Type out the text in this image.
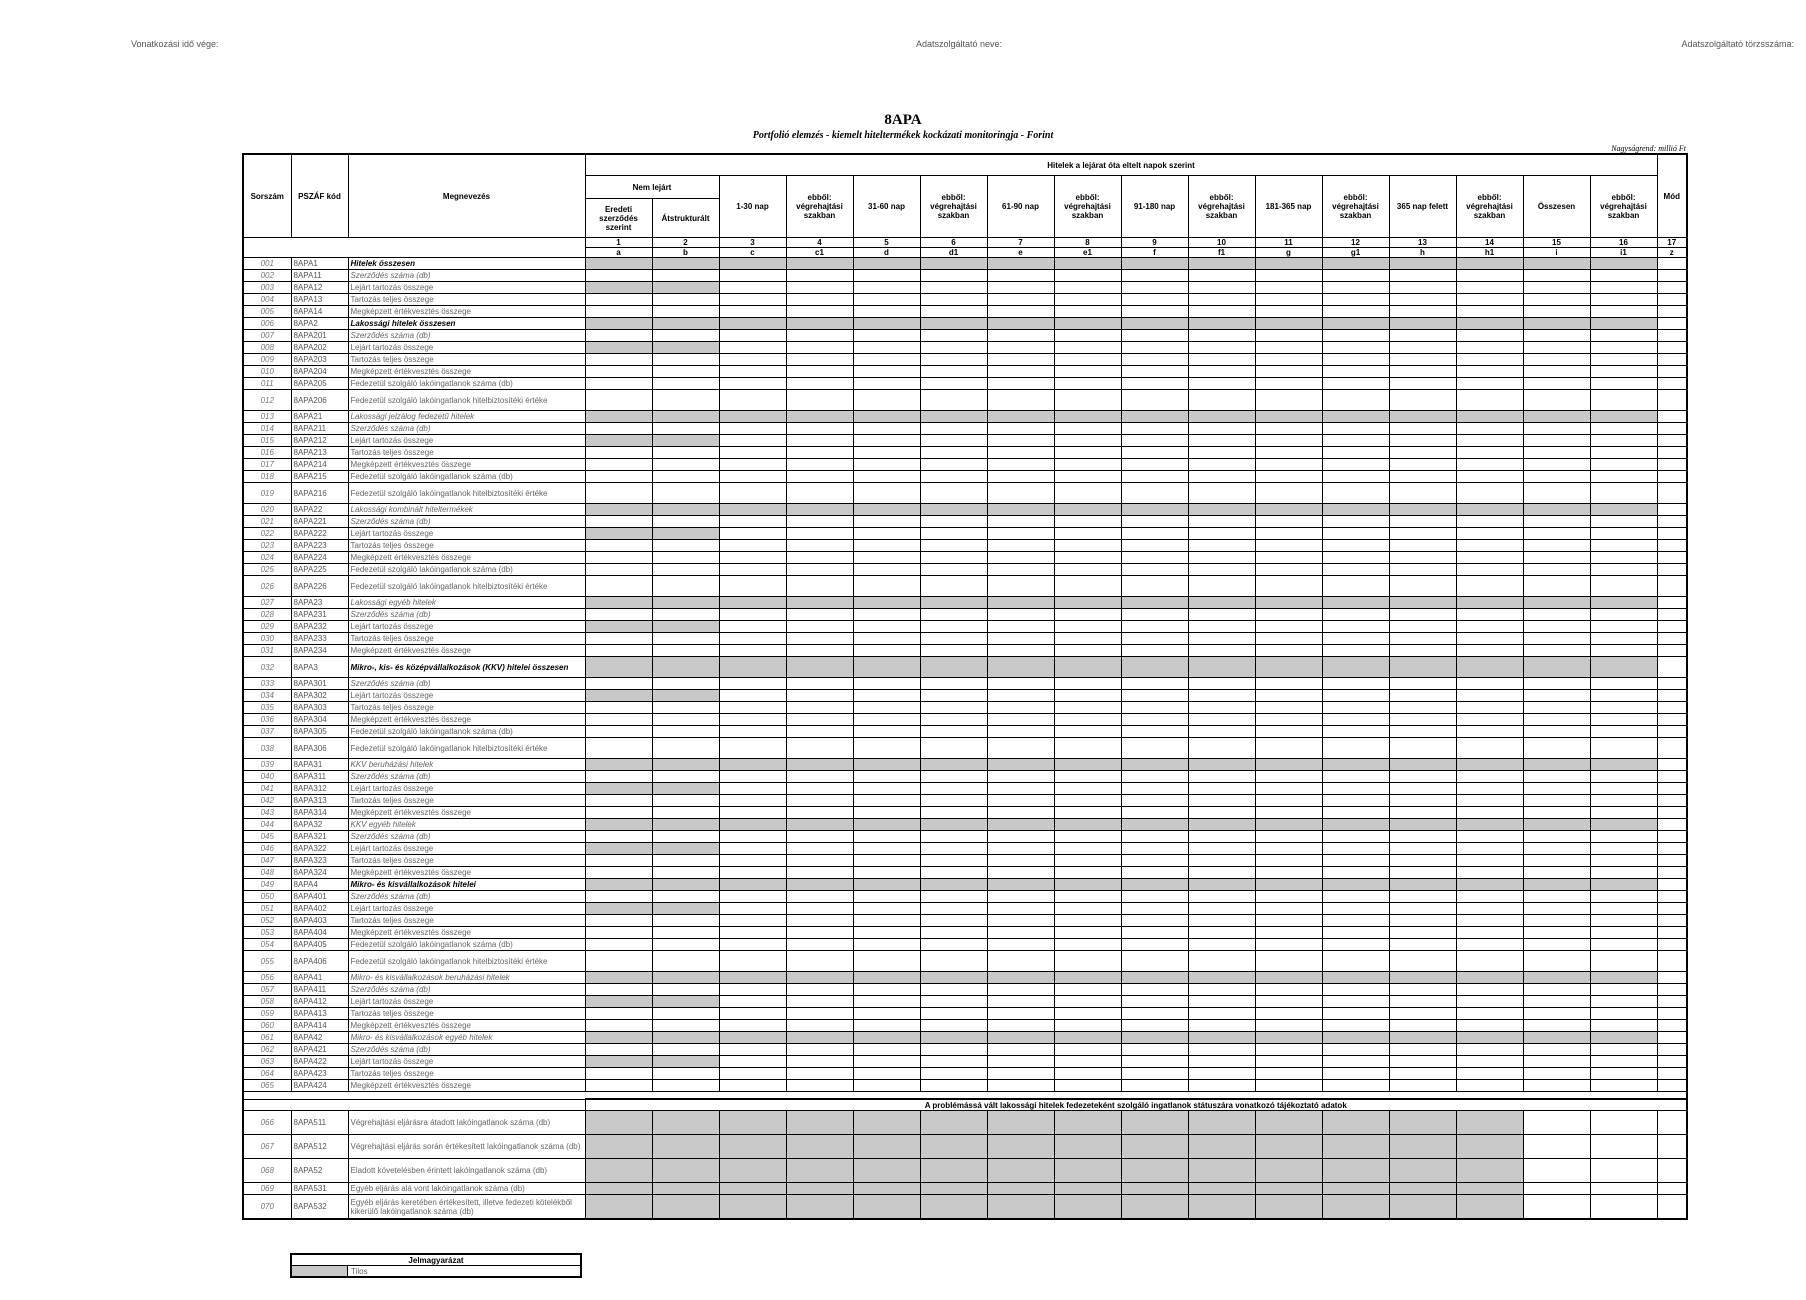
Vonatkozási idő vége:	Adatszolgáltató neve:	Adatszolgáltató törzsszáma:
8APA
Portfolió elemzés - kiemelt hiteltermékek kockázati monitoringja - Forint
Nagyságrend: millió Ft
Sorszám	PSZÁF kód	Megnevezés	Hitelek a lejárat óta eltelt napok szerint																Mód
			Nem lejárt		1-30 nap	ebből: végrehajtási szakban	31-60 nap	ebből: végrehajtási szakban	61-90 nap	ebből: végrehajtási szakban	91-180 nap	ebből: végrehajtási szakban	181-365 nap	ebből: végrehajtási szakban	365 nap felett	ebből: végrehajtási szakban	Összesen	ebből: végrehajtási szakban	
			Eredeti szerződés szerint	Átstrukturált															
			1	2	3	4	5	6	7	8	9	10	11	12	13	14	15	16	17
			a	b	c	c1	d	d1	e	e1	f	f1	g	g1	h	h1	i	i1	z
001	8APA1	Hitelek összesen																	
002	8APA11	Szerződés száma (db)																	
003	8APA12	Lejárt tartozás összege																	
004	8APA13	Tartozás teljes összege																	
005	8APA14	Megképzett értékvesztés összege																	
006	8APA2	Lakossági hitelek összesen																	
007	8APA201	Szerződés száma (db)																	
008	8APA202	Lejárt tartozás összege																	
009	8APA203	Tartozás teljes összege																	
010	8APA204	Megképzett értékvesztés összege																	
011	8APA205	Fedezetül szolgáló lakóingatlanok száma (db)																	
012	8APA206	Fedezetül szolgáló lakóingatlanok hitelbiztosítéki értéke																	
013	8APA21	Lakossági jelzálog fedezetű hitelek																	
014	8APA211	Szerződés száma (db)																	
015	8APA212	Lejárt tartozás összege																	
016	8APA213	Tartozás teljes összege																	
017	8APA214	Megképzett értékvesztés összege																	
018	8APA215	Fedezetül szolgáló lakóingatlanok száma (db)																	
019	8APA216	Fedezetül szolgáló lakóingatlanok hitelbiztosítéki értéke																	
020	8APA22	Lakossági kombinált hiteltermékek																	
021	8APA221	Szerződés száma (db)																	
022	8APA222	Lejárt tartozás összege																	
023	8APA223	Tartozás teljes összege																	
024	8APA224	Megképzett értékvesztés összege																	
025	8APA225	Fedezetül szolgáló lakóingatlanok száma (db)																	
026	8APA226	Fedezetül szolgáló lakóingatlanok hitelbiztosítéki értéke																	
027	8APA23	Lakossági egyéb hitelek																	
028	8APA231	Szerződés száma (db)																	
029	8APA232	Lejárt tartozás összege																	
030	8APA233	Tartozás teljes összege																	
031	8APA234	Megképzett értékvesztés összege																	
032	8APA3	Mikro-, kis- és középvállalkozások (KKV) hitelei összesen																	
033	8APA301	Szerződés száma (db)																	
034	8APA302	Lejárt tartozás összege																	
035	8APA303	Tartozás teljes összege																	
036	8APA304	Megképzett értékvesztés összege																	
037	8APA305	Fedezetül szolgáló lakóingatlanok száma (db)																	
038	8APA306	Fedezetül szolgáló lakóingatlanok hitelbiztosítéki értéke																	
039	8APA31	KKV beruházási hitelek																	
040	8APA311	Szerződés száma (db)																	
041	8APA312	Lejárt tartozás összege																	
042	8APA313	Tartozás teljes összege																	
043	8APA314	Megképzett értékvesztés összege																	
044	8APA32	KKV egyéb hitelek																	
045	8APA321	Szerződés száma (db)																	
046	8APA322	Lejárt tartozás összege																	
047	8APA323	Tartozás teljes összege																	
048	8APA324	Megképzett értékvesztés összege																	
049	8APA4	Mikro- és kisvállalkozások hitelei																	
050	8APA401	Szerződés száma (db)																	
051	8APA402	Lejárt tartozás összege																	
052	8APA403	Tartozás teljes összege																	
053	8APA404	Megképzett értékvesztés összege																	
054	8APA405	Fedezetül szolgáló lakóingatlanok száma (db)																	
055	8APA406	Fedezetül szolgáló lakóingatlanok hitelbiztosítéki értéke																	
056	8APA41	Mikro- és kisvállalkozások beruházási hitelek																	
057	8APA411	Szerződés száma (db)																	
058	8APA412	Lejárt tartozás összege																	
059	8APA413	Tartozás teljes összege																	
060	8APA414	Megképzett értékvesztés összege																	
061	8APA42	Mikro- és kisvállalkozások egyéb hitelek																	
062	8APA421	Szerződés száma (db)																	
063	8APA422	Lejárt tartozás összege																	
064	8APA423	Tartozás teljes összege																	
065	8APA424	Megképzett értékvesztés összege																	

			A problémássá vált lakossági hitelek fedezeteként szolgáló ingatlanok státuszára vonatkozó tájékoztató adatok																
066	8APA511	Végrehajtási eljárásra átadott lakóingatlanok száma (db)																	
067	8APA512	Végrehajtási eljárás során értékesített lakóingatlanok száma (db)																	
068	8APA52	Eladott követelésben érintett lakóingatlanok száma (db)																	
069	8APA531	Egyéb eljárás alá vont lakóingatlanok száma (db)																	
070	8APA532	Egyéb eljárás keretében értékesített, illetve fedezeti kötelékből kikerülő lakóingatlanok száma (db)																	
Jelmagyarázat
	Tilos
